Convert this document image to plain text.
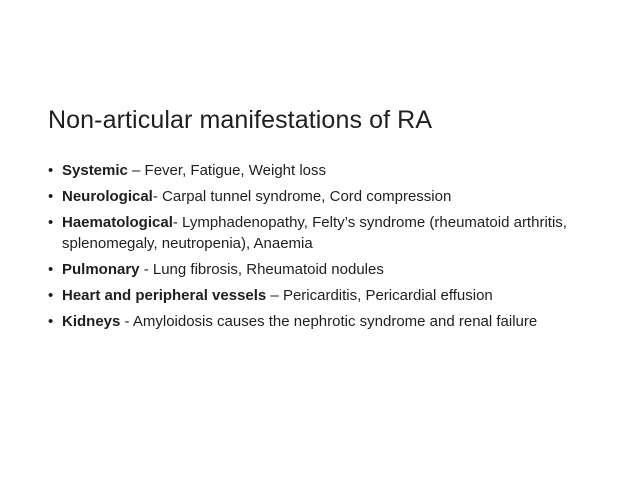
Non-articular manifestations of RA
• Systemic – Fever, Fatigue, Weight loss
• Neurological- Carpal tunnel syndrome, Cord compression
• Haematological- Lymphadenopathy, Felty’s syndrome (rheumatoid arthritis, splenomegaly, neutropenia), Anaemia
• Pulmonary - Lung fibrosis, Rheumatoid nodules
• Heart and peripheral vessels – Pericarditis, Pericardial effusion
• Kidneys - Amyloidosis causes the nephrotic syndrome and renal failure
